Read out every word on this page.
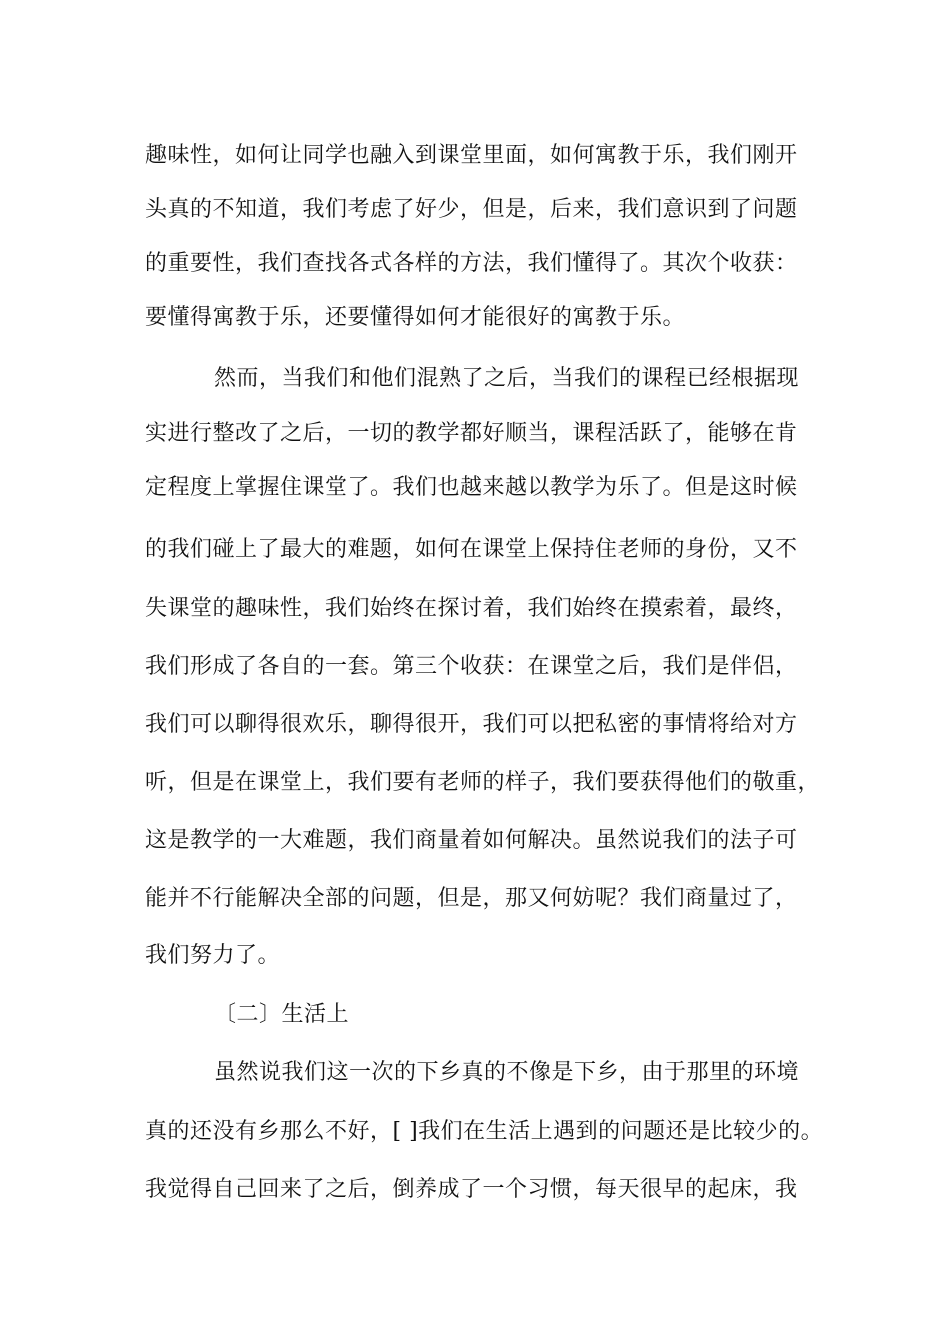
趣味性，如何让同学也融入到课堂里面，如何寓教于乐，我们刚开
头真的不知道，我们考虑了好少，但是，后来，我们意识到了问题
的重要性，我们查找各式各样的方法，我们懂得了。其次个收获：
要懂得寓教于乐，还要懂得如何才能很好的寓教于乐。
然而，当我们和他们混熟了之后，当我们的课程已经根据现
实进行整改了之后，一切的教学都好顺当，课程活跃了，能够在肯
定程度上掌握住课堂了。我们也越来越以教学为乐了。但是这时候
的我们碰上了最大的难题，如何在课堂上保持住老师的身份，又不
失课堂的趣味性，我们始终在探讨着，我们始终在摸索着，最终，
我们形成了各自的一套。第三个收获：在课堂之后，我们是伴侣，
我们可以聊得很欢乐，聊得很开，我们可以把私密的事情将给对方
听，但是在课堂上，我们要有老师的样子，我们要获得他们的敬重，
这是教学的一大难题，我们商量着如何解决。虽然说我们的法子可
能并不行能解决全部的问题，但是，那又何妨呢？我们商量过了，
我们努力了。
〔二〕生活上
虽然说我们这一次的下乡真的不像是下乡，由于那里的环境
真的还没有乡那么不好，[ ]我们在生活上遇到的问题还是比较少的。
我觉得自己回来了之后，倒养成了一个习惯，每天很早的起床，我
